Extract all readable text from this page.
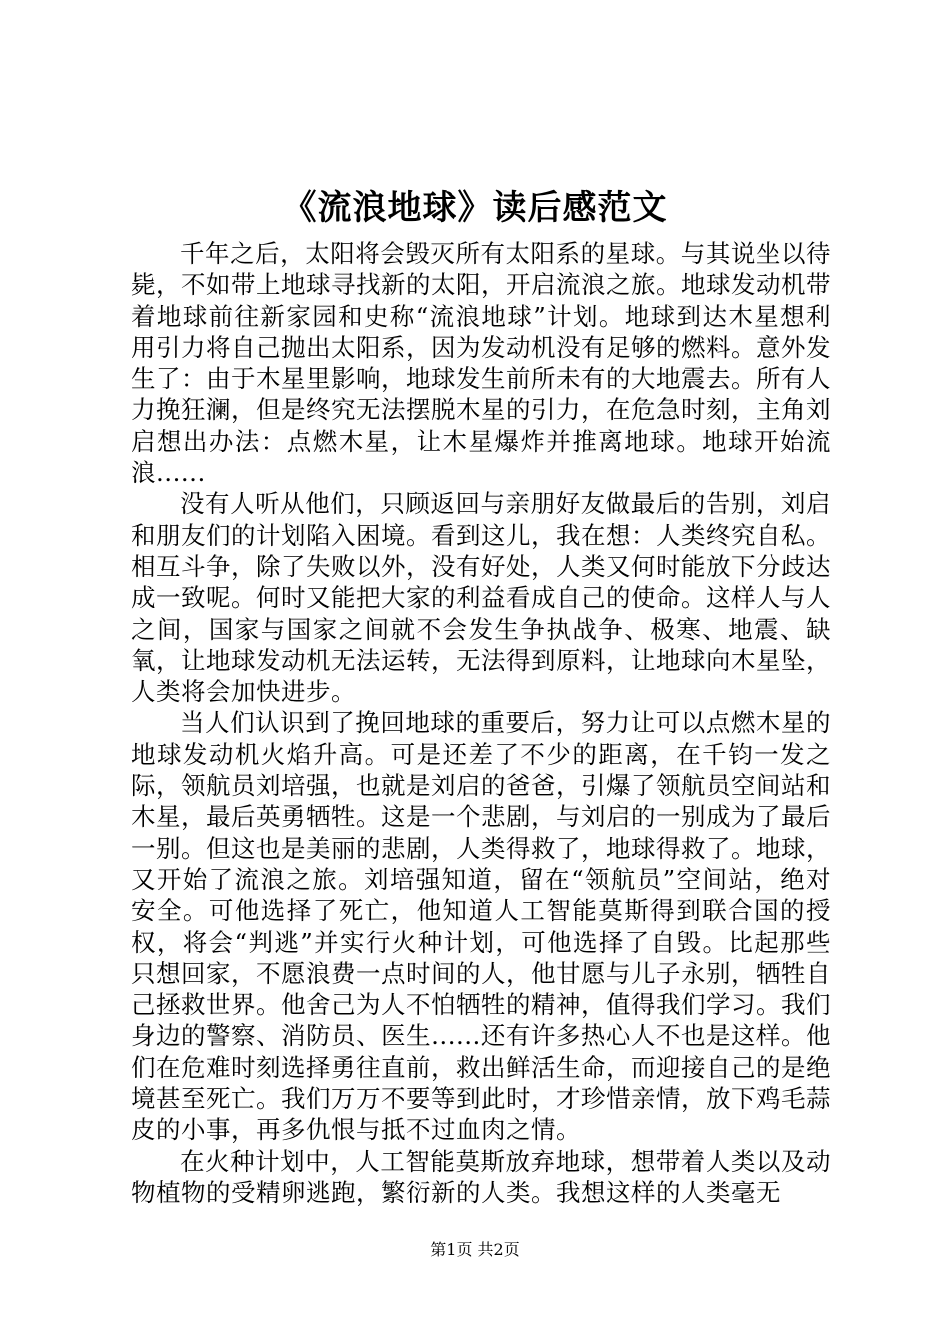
《流浪地球》读后感范文

千年之后，太阳将会毁灭所有太阳系的星球。与其说坐以待毙，不如带上地球寻找新的太阳，开启流浪之旅。地球发动机带着地球前往新家园和史称“流浪地球”计划。地球到达木星想利用引力将自己抛出太阳系，因为发动机没有足够的燃料。意外发生了：由于木星里影响，地球发生前所未有的大地震去。所有人力挽狂澜，但是终究无法摆脱木星的引力，在危急时刻，主角刘启想出办法：点燃木星，让木星爆炸并推离地球。地球开始流浪......

没有人听从他们，只顾返回与亲朋好友做最后的告别，刘启和朋友们的计划陷入困境。看到这儿，我在想：人类终究自私。相互斗争，除了失败以外，没有好处，人类又何时能放下分歧达成一致呢。何时又能把大家的利益看成自己的使命。这样人与人之间，国家与国家之间就不会发生争执战争、极寒、地震、缺氧，让地球发动机无法运转，无法得到原料，让地球向木星坠，人类将会加快进步。

当人们认识到了挽回地球的重要后，努力让可以点燃木星的地球发动机火焰升高。可是还差了不少的距离，在千钧一发之际，领航员刘培强，也就是刘启的爸爸，引爆了领航员空间站和木星，最后英勇牺牲。这是一个悲剧，与刘启的一别成为了最后一别。但这也是美丽的悲剧，人类得救了，地球得救了。地球，又开始了流浪之旅。刘培强知道，留在“领航员”空间站，绝对安全。可他选择了死亡，他知道人工智能莫斯得到联合国的授权，将会“判逃”并实行火种计划，可他选择了自毁。比起那些只想回家，不愿浪费一点时间的人，他甘愿与儿子永别，牺牲自己拯救世界。他舍己为人不怕牺牲的精神，值得我们学习。我们身边的警察、消防员、医生......还有许多热心人不也是这样。他们在危难时刻选择勇往直前，救出鲜活生命，而迎接自己的是绝境甚至死亡。我们万万不要等到此时，才珍惜亲情，放下鸡毛蒜皮的小事，再多仇恨与抵不过血肉之情。

在火种计划中，人工智能莫斯放弃地球，想带着人类以及动物植物的受精卵逃跑，繁衍新的人类。我想这样的人类毫无

第1页 共2页
